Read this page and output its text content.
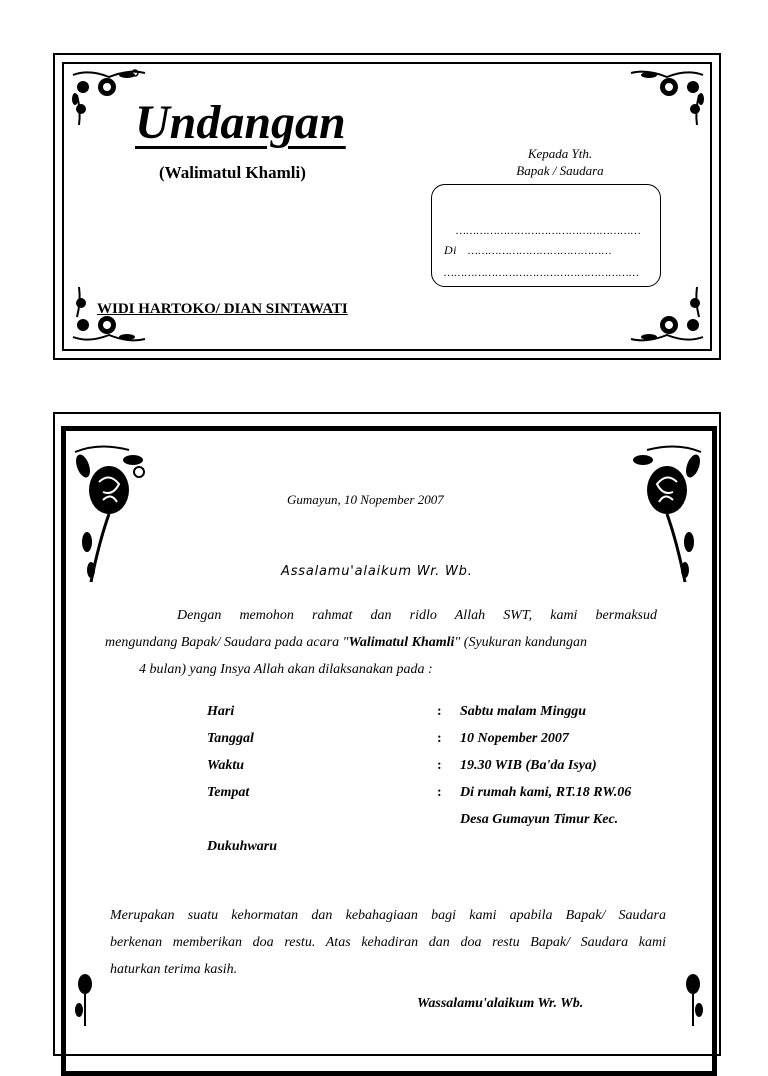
Undangan
(Walimatul Khamli)
Kepada Yth.
Bapak / Saudara
………………………………………………
Di ……………………………………
…………………………………………………
WIDI HARTOKO/ DIAN SINTAWATI
Gumayun, 10 Nopember 2007
Assalamu'alaikum Wr. Wb.
Dengan memohon rahmat dan ridlo Allah SWT, kami bermaksud
mengundang Bapak/ Saudara pada acara "Walimatul Khamli" (Syukuran kandungan
4 bulan) yang Insya Allah akan dilaksanakan pada :
Hari	: Sabtu malam Minggu
Tanggal	: 10 Nopember 2007
Waktu	: 19.30 WIB (Ba'da Isya)
Tempat	: Di rumah kami, RT.18 RW.06
Desa Gumayun Timur Kec.
Dukuhwaru
Merupakan suatu kehormatan dan kebahagiaan bagi kami apabila Bapak/ Saudara
berkenan memberikan doa restu. Atas kehadiran dan doa restu Bapak/ Saudara kami
haturkan terima kasih.
Wassalamu'alaikum Wr. Wb.
